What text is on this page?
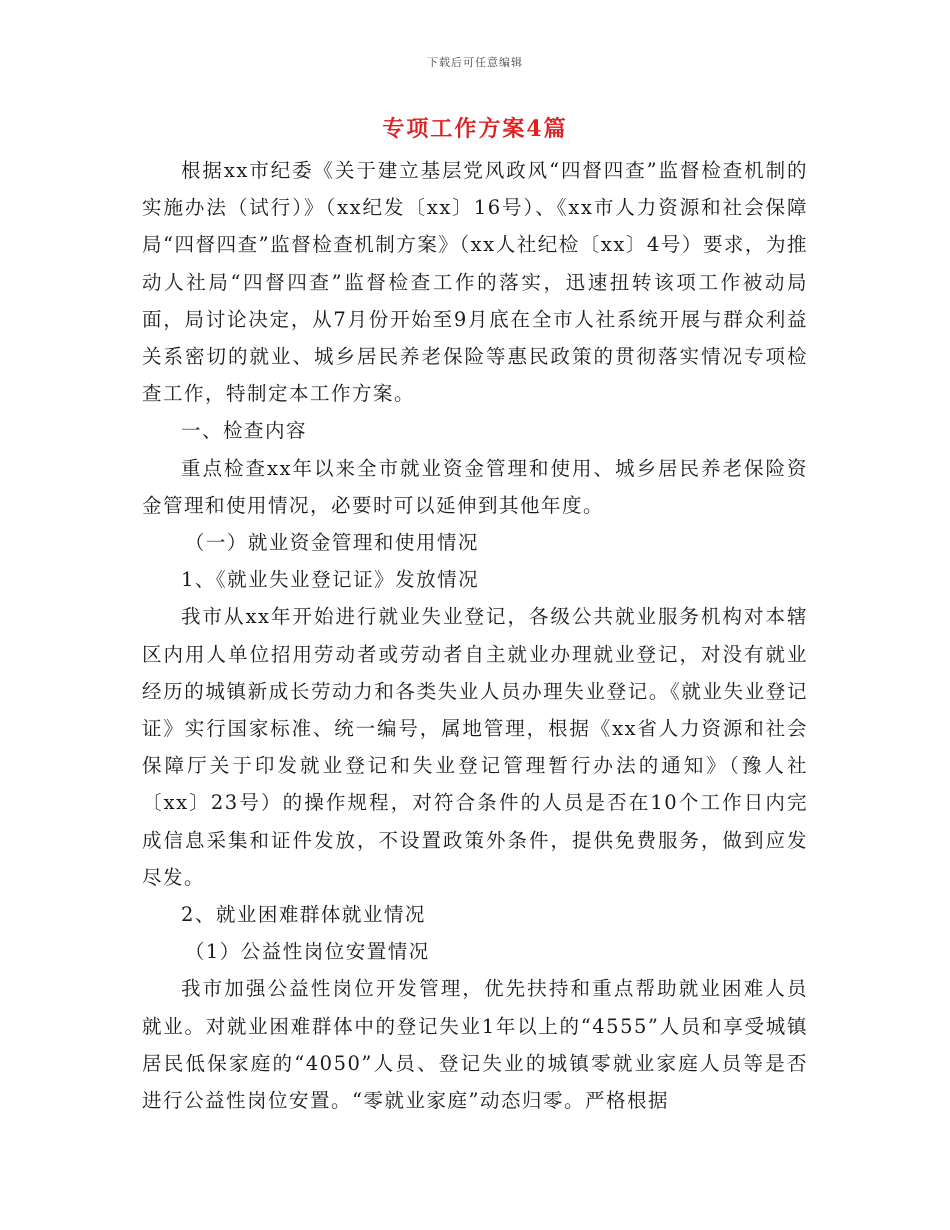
下载后可任意编辑
专项工作方案4篇

根据xx市纪委《关于建立基层党风政风“四督四查”监督检查机制的实施办法（试行）》（xx纪发〔xx〕16号）、《xx市人力资源和社会保障局“四督四查”监督检查机制方案》（xx人社纪检〔xx〕4号）要求，为推动人社局“四督四查”监督检查工作的落实，迅速扭转该项工作被动局面，局讨论决定，从7月份开始至9月底在全市人社系统开展与群众利益关系密切的就业、城乡居民养老保险等惠民政策的贯彻落实情况专项检查工作，特制定本工作方案。

一、检查内容

重点检查xx年以来全市就业资金管理和使用、城乡居民养老保险资金管理和使用情况，必要时可以延伸到其他年度。

（一）就业资金管理和使用情况

1、《就业失业登记证》发放情况

我市从xx年开始进行就业失业登记，各级公共就业服务机构对本辖区内用人单位招用劳动者或劳动者自主就业办理就业登记，对没有就业经历的城镇新成长劳动力和各类失业人员办理失业登记。《就业失业登记证》实行国家标准、统一编号，属地管理，根据《xx省人力资源和社会保障厅关于印发就业登记和失业登记管理暂行办法的通知》（豫人社〔xx〕23号）的操作规程，对符合条件的人员是否在10个工作日内完成信息采集和证件发放，不设置政策外条件，提供免费服务，做到应发尽发。

2、就业困难群体就业情况

（1）公益性岗位安置情况

我市加强公益性岗位开发管理，优先扶持和重点帮助就业困难人员就业。对就业困难群体中的登记失业1年以上的“4555”人员和享受城镇居民低保家庭的“4050”人员、登记失业的城镇零就业家庭人员等是否进行公益性岗位安置。“零就业家庭”动态归零。严格根据
